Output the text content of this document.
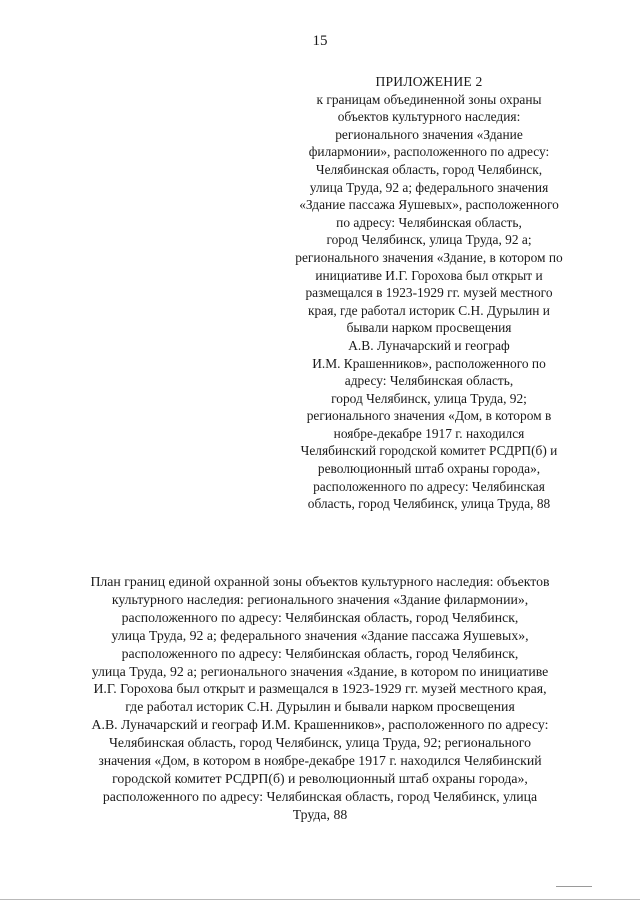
15

ПРИЛОЖЕНИЕ 2
к границам объединенной зоны охраны
объектов культурного наследия:
регионального значения «Здание
филармонии», расположенного по адресу:
Челябинская область, город Челябинск,
улица Труда, 92 а; федерального значения
«Здание пассажа Яушевых», расположенного
по адресу: Челябинская область,
город Челябинск, улица Труда, 92 а;
регионального значения «Здание, в котором по
инициативе И.Г. Горохова был открыт и
размещался в 1923-1929 гг. музей местного
края, где работал историк С.Н. Дурылин и
бывали нарком просвещения
А.В. Луначарский и географ
И.М. Крашенников», расположенного по
адресу: Челябинская область,
город Челябинск, улица Труда, 92;
регионального значения «Дом, в котором в
ноябре-декабре 1917 г. находился
Челябинский городской комитет РСДРП(б) и
революционный штаб охраны города»,
расположенного по адресу: Челябинская
область, город Челябинск, улица Труда, 88
План границ единой охранной зоны объектов культурного наследия: объектов
культурного наследия: регионального значения «Здание филармонии»,
расположенного по адресу: Челябинская область, город Челябинск,
улица Труда, 92 а; федерального значения «Здание пассажа Яушевых»,
расположенного по адресу: Челябинская область, город Челябинск,
улица Труда, 92 а; регионального значения «Здание, в котором по инициативе
И.Г. Горохова был открыт и размещался в 1923-1929 гг. музей местного края,
где работал историк С.Н. Дурылин и бывали нарком просвещения
А.В. Луначарский и географ И.М. Крашенников», расположенного по адресу:
Челябинская область, город Челябинск, улица Труда, 92; регионального
значения «Дом, в котором в ноябре-декабре 1917 г. находился Челябинский
городской комитет РСДРП(б) и революционный штаб охраны города»,
расположенного по адресу: Челябинская область, город Челябинск, улица
Труда, 88
